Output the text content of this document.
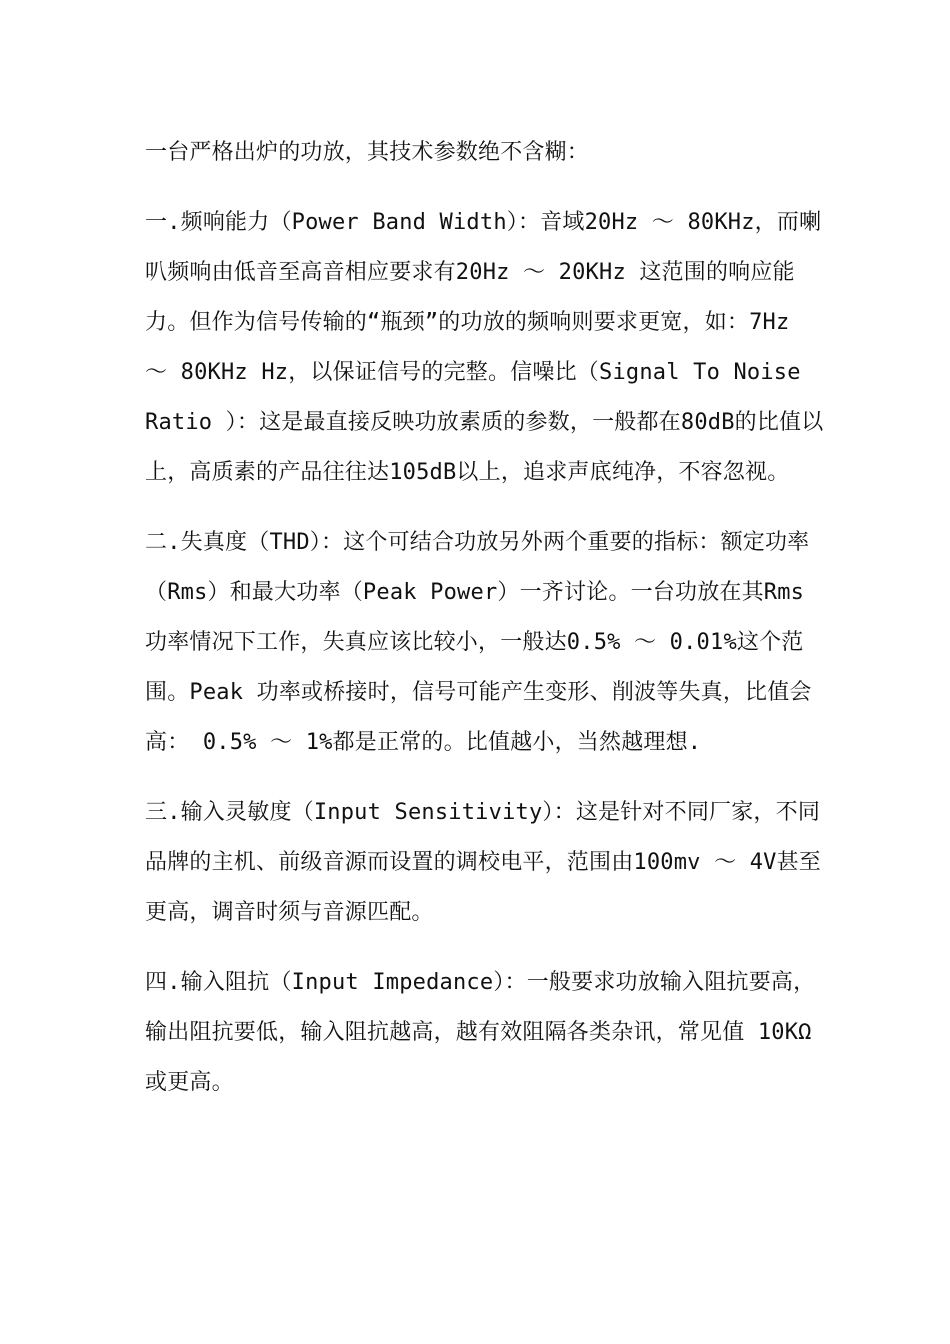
一台严格出炉的功放，其技术参数绝不含糊：

一.频响能力（Power Band Width）：音域20Hz ～ 80KHz，而喇叭频响由低音至高音相应要求有20Hz ～ 20KHz 这范围的响应能力。但作为信号传输的“瓶颈”的功放的频响则要求更宽，如：7Hz ～ 80KHz Hz，以保证信号的完整。信噪比（Signal To Noise Ratio ）：这是最直接反映功放素质的参数，一般都在80dB的比值以上，高质素的产品往往达105dB以上，追求声底纯净，不容忽视。

二.失真度（THD）：这个可结合功放另外两个重要的指标：额定功率（Rms）和最大功率（Peak Power）一齐讨论。一台功放在其Rms功率情况下工作，失真应该比较小，一般达0.5% ～ 0.01%这个范围。Peak 功率或桥接时，信号可能产生变形、削波等失真，比值会高： 0.5% ～ 1%都是正常的。比值越小，当然越理想.

三.输入灵敏度（Input Sensitivity）：这是针对不同厂家，不同品牌的主机、前级音源而设置的调校电平，范围由100mv ～ 4V甚至更高，调音时须与音源匹配。

四.输入阻抗（Input Impedance）：一般要求功放输入阻抗要高，输出阻抗要低，输入阻抗越高，越有效阻隔各类杂讯，常见值 10KΩ或更高。
